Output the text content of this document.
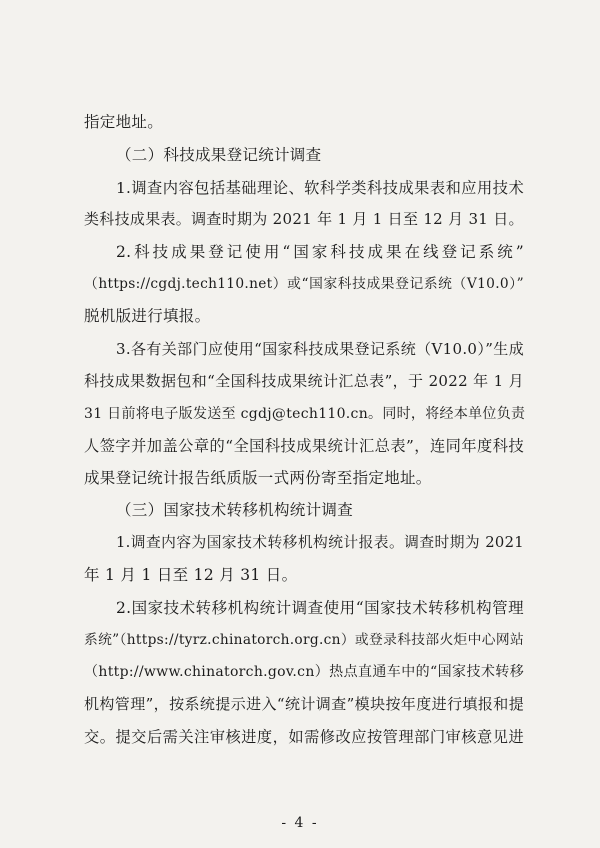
指定地址。
（二）科技成果登记统计调查
1.调查内容包括基础理论、软科学类科技成果表和应用技术
类科技成果表。调查时期为 2021 年 1 月 1 日至 12 月 31 日。
2.科技成果登记使用“国家科技成果在线登记系统”
（https://cgdj.tech110.net）或“国家科技成果登记系统（V10.0）”
脱机版进行填报。
3.各有关部门应使用“国家科技成果登记系统（V10.0）”生成
科技成果数据包和“全国科技成果统计汇总表”，于 2022 年 1 月
31 日前将电子版发送至 cgdj@tech110.cn。同时，将经本单位负责
人签字并加盖公章的“全国科技成果统计汇总表”，连同年度科技
成果登记统计报告纸质版一式两份寄至指定地址。
（三）国家技术转移机构统计调查
1.调查内容为国家技术转移机构统计报表。调查时期为 2021
年 1 月 1 日至 12 月 31 日。
2.国家技术转移机构统计调查使用“国家技术转移机构管理
系统”（https://tyrz.chinatorch.org.cn）或登录科技部火炬中心网站
（http://www.chinatorch.gov.cn）热点直通车中的“国家技术转移
机构管理”，按系统提示进入“统计调查”模块按年度进行填报和提
交。提交后需关注审核进度，如需修改应按管理部门审核意见进
- 4 -
